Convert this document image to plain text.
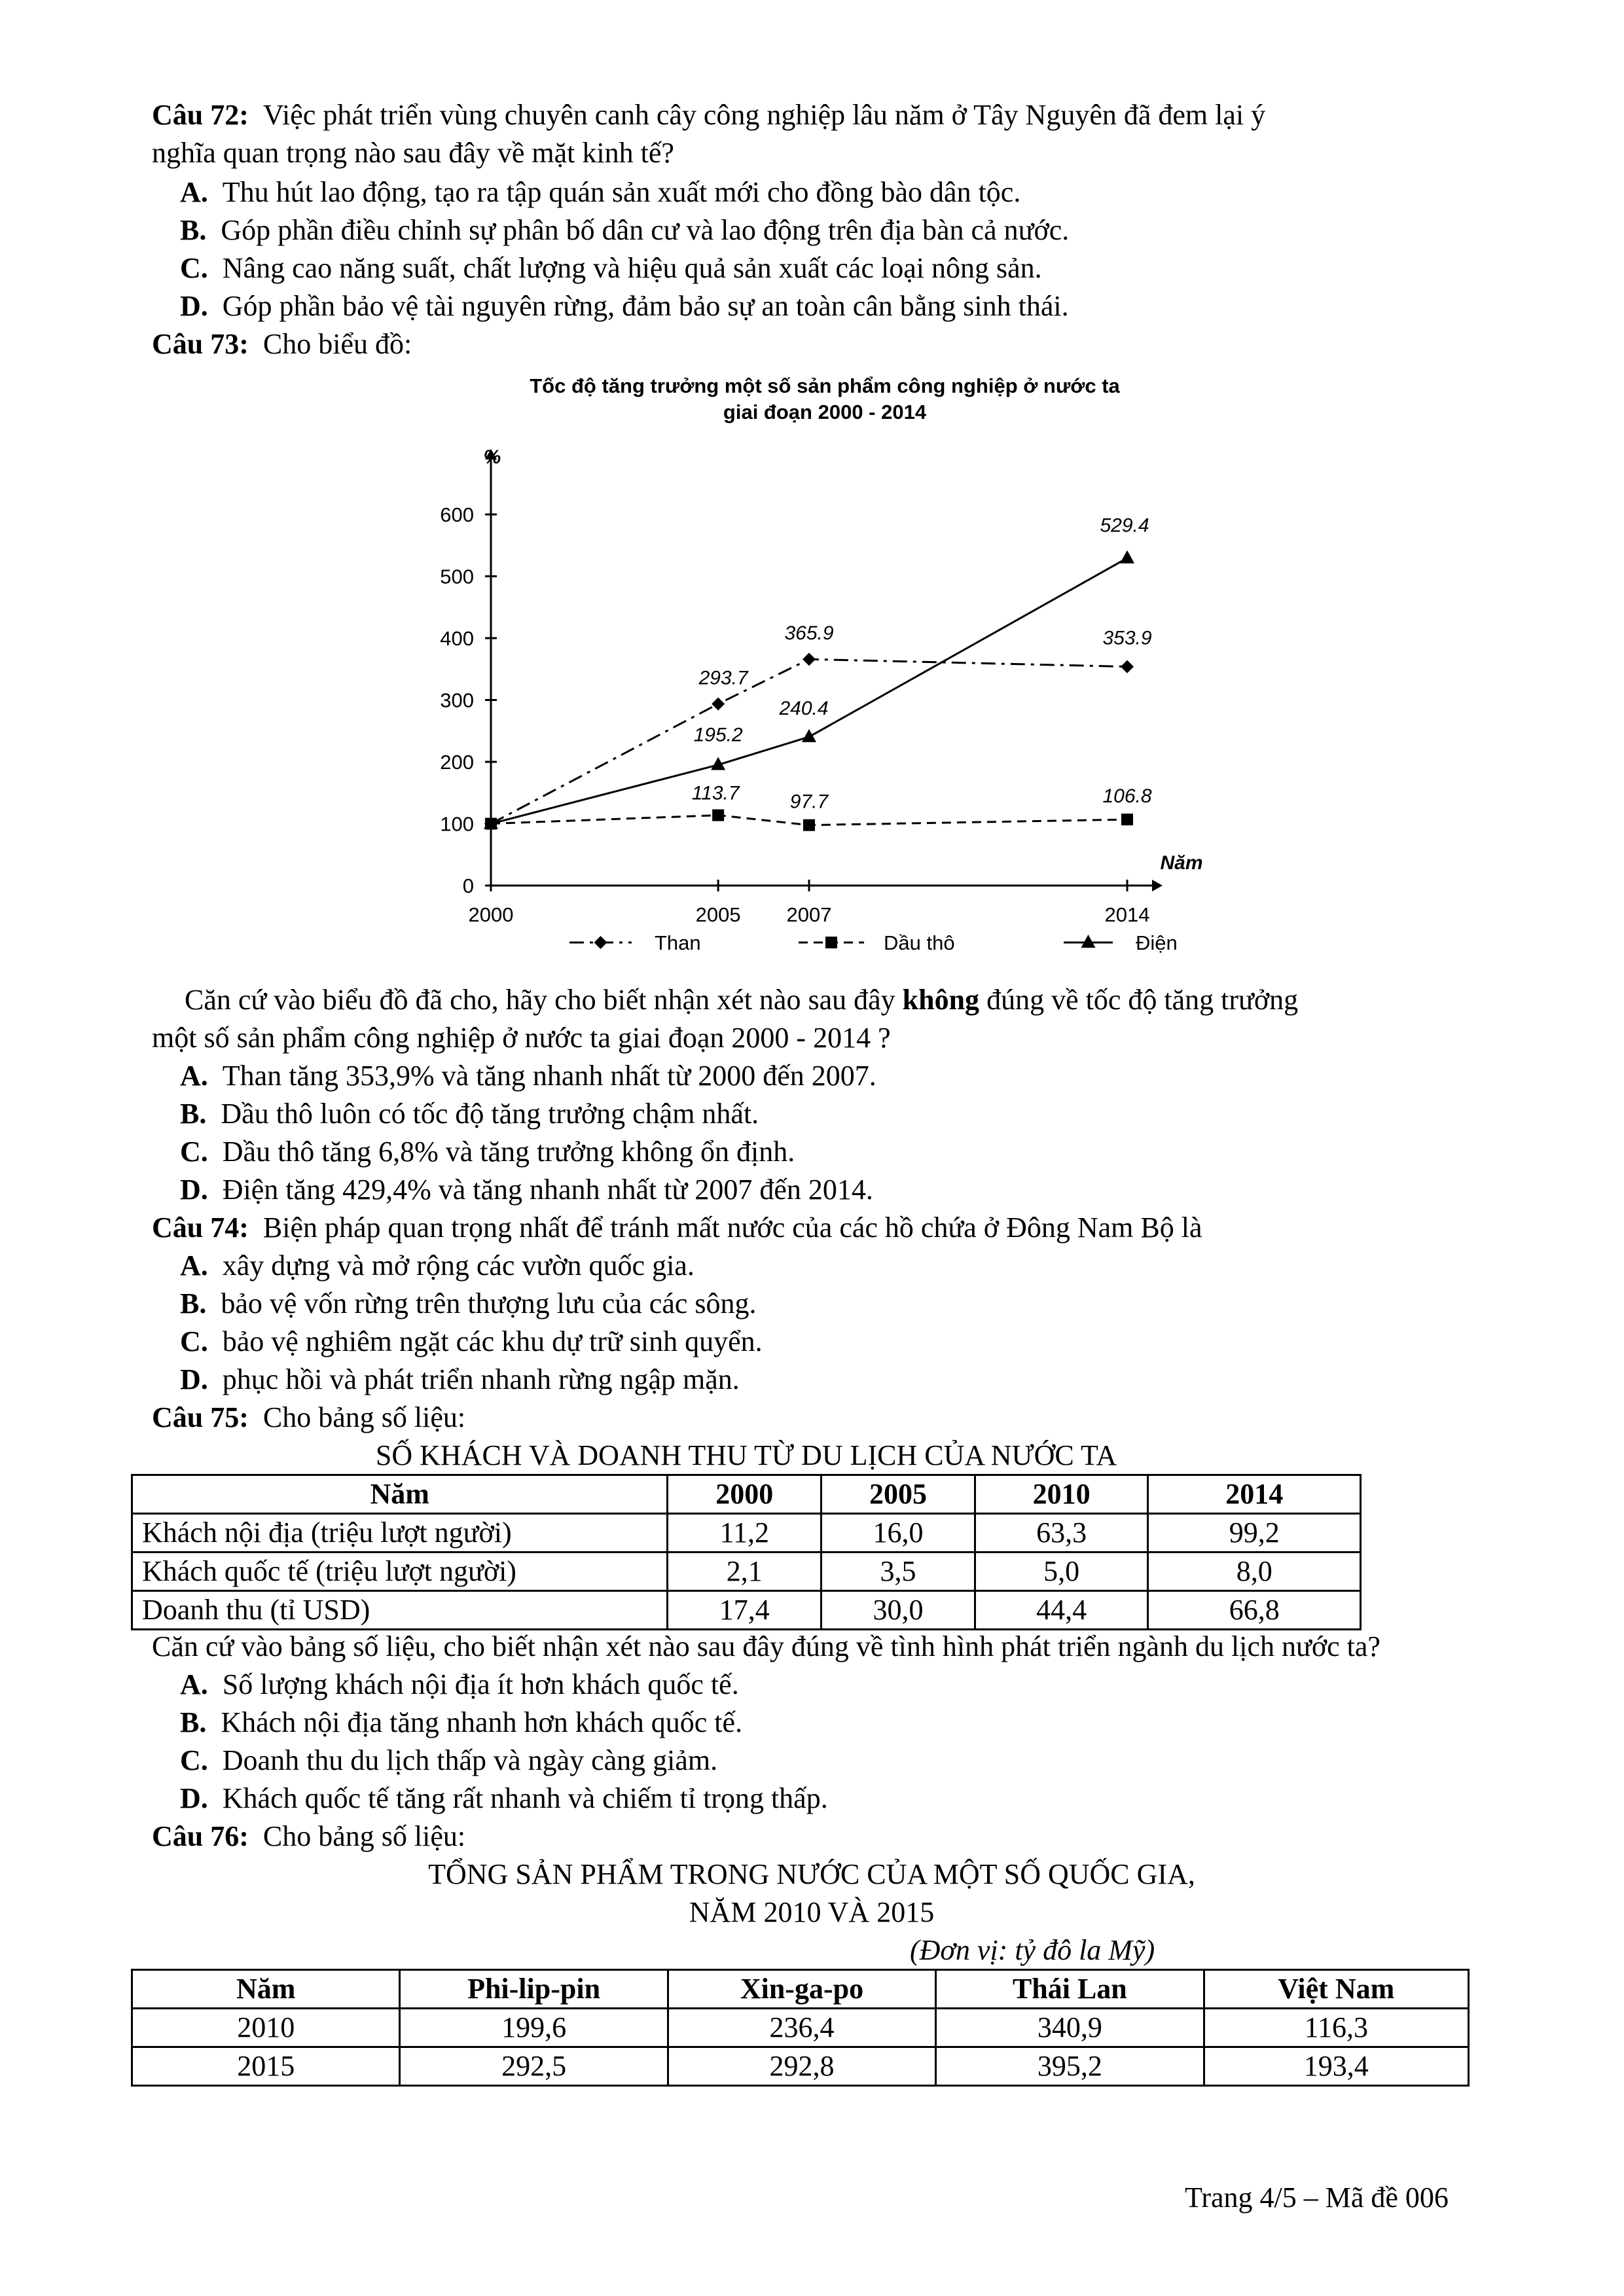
Câu 72: Việc phát triển vùng chuyên canh cây công nghiệp lâu năm ở Tây Nguyên đã đem lại ý
nghĩa quan trọng nào sau đây về mặt kinh tế?
A. Thu hút lao động, tạo ra tập quán sản xuất mới cho đồng bào dân tộc.
B. Góp phần điều chỉnh sự phân bố dân cư và lao động trên địa bàn cả nước.
C. Nâng cao năng suất, chất lượng và hiệu quả sản xuất các loại nông sản.
D. Góp phần bảo vệ tài nguyên rừng, đảm bảo sự an toàn cân bằng sinh thái.
Câu 73: Cho biểu đồ:
Tốc độ tăng trưởng một số sản phẩm công nghiệp ở nước ta
giai đoạn 2000 - 2014
%
Năm
0
100
200
300
400
500
600
2000	2005 2007	2014
293.7
365.9	353.9
113.7	97.7	106.8
195.2
240.4
529.4
Than	Dầu thô	Điện
Căn cứ vào biểu đồ đã cho, hãy cho biết nhận xét nào sau đây không đúng về tốc độ tăng trưởng
một số sản phẩm công nghiệp ở nước ta giai đoạn 2000 - 2014 ?
A. Than tăng 353,9% và tăng nhanh nhất từ 2000 đến 2007.
B. Dầu thô luôn có tốc độ tăng trưởng chậm nhất.
C. Dầu thô tăng 6,8% và tăng trưởng không ổn định.
D. Điện tăng 429,4% và tăng nhanh nhất từ 2007 đến 2014.
Câu 74: Biện pháp quan trọng nhất để tránh mất nước của các hồ chứa ở Đông Nam Bộ là
A. xây dựng và mở rộng các vườn quốc gia.
B. bảo vệ vốn rừng trên thượng lưu của các sông.
C. bảo vệ nghiêm ngặt các khu dự trữ sinh quyển.
D. phục hồi và phát triển nhanh rừng ngập mặn.
Câu 75: Cho bảng số liệu:
SỐ KHÁCH VÀ DOANH THU TỪ DU LỊCH CỦA NƯỚC TA
Năm	2000	2005	2010	2014
Khách nội địa (triệu lượt người)	11,2	16,0	63,3	99,2
Khách quốc tế (triệu lượt người)	2,1	3,5	5,0	8,0
Doanh thu (tỉ USD)	17,4	30,0	44,4	66,8
Căn cứ vào bảng số liệu, cho biết nhận xét nào sau đây đúng về tình hình phát triển ngành du lịch nước ta?
A. Số lượng khách nội địa ít hơn khách quốc tế.
B. Khách nội địa tăng nhanh hơn khách quốc tế.
C. Doanh thu du lịch thấp và ngày càng giảm.
D. Khách quốc tế tăng rất nhanh và chiếm tỉ trọng thấp.
Câu 76: Cho bảng số liệu:
TỔNG SẢN PHẨM TRONG NƯỚC CỦA MỘT SỐ QUỐC GIA,
NĂM 2010 VÀ 2015
(Đơn vị: tỷ đô la Mỹ)
Năm	Phi-lip-pin	Xin-ga-po	Thái Lan	Việt Nam
2010	199,6	236,4	340,9	116,3
2015	292,5	292,8	395,2	193,4
Trang 4/5 – Mã đề 006
